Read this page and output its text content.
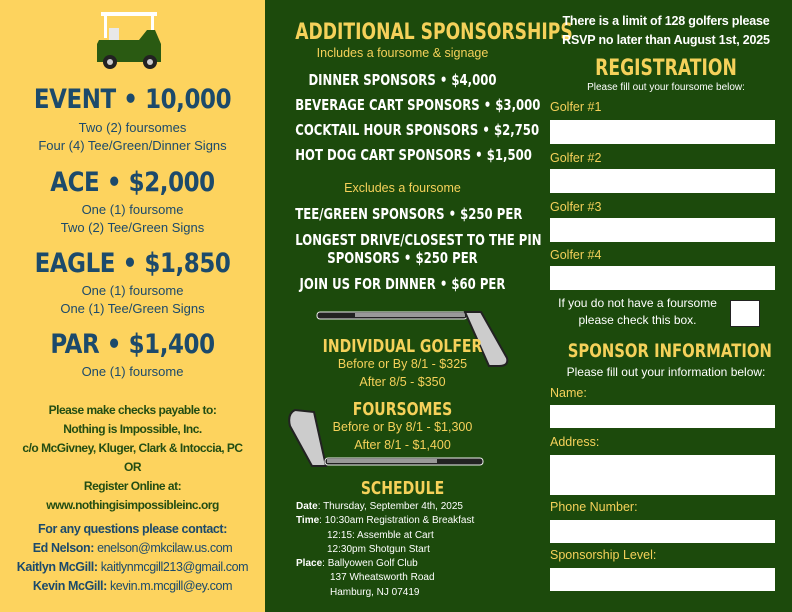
EVENT • 10,000
Two (2) foursomes
Four (4) Tee/Green/Dinner Signs
ACE • $2,000
One (1) foursome
Two (2) Tee/Green Signs
EAGLE • $1,850
One (1) foursome
One (1) Tee/Green Signs
PAR • $1,400
One (1) foursome
Please make checks payable to:
Nothing is Impossible, Inc.
c/o McGivney, Kluger, Clark & Intoccia, PC
OR
Register Online at:
www.nothingisimpossibleinc.org
For any questions please contact:
Ed Nelson: enelson@mkcilaw.us.com
Kaitlyn McGill: kaitlynmcgill213@gmail.com
Kevin McGill: kevin.m.mcgill@ey.com
ADDITIONAL SPONSORSHIPS
Includes a foursome & signage
DINNER SPONSORS • $4,000
BEVERAGE CART SPONSORS • $3,000
COCKTAIL HOUR SPONSORS • $2,750
HOT DOG CART SPONSORS • $1,500
Excludes a foursome
TEE/GREEN SPONSORS • $250 PER
LONGEST DRIVE/CLOSEST TO THE PIN
SPONSORS • $250 PER
JOIN US FOR DINNER • $60 PER
INDIVIDUAL GOLFER
Before or By 8/1 - $325
After 8/5 - $350
FOURSOMES
Before or By 8/1 - $1,300
After 8/1 - $1,400
SCHEDULE
Date: Thursday, September 4th, 2025
Time: 10:30am Registration & Breakfast
12:15: Assemble at Cart
12:30pm Shotgun Start
Place: Ballyowen Golf Club
137 Wheatsworth Road
Hamburg, NJ 07419
There is a limit of 128 golfers please
RSVP no later than August 1st, 2025
REGISTRATION
Please fill out your foursome below:
Golfer #1
Golfer #2
Golfer #3
Golfer #4
If you do not have a foursome
please check this box.
SPONSOR INFORMATION
Please fill out your information below:
Name:
Address:
Phone Number:
Sponsorship Level:
